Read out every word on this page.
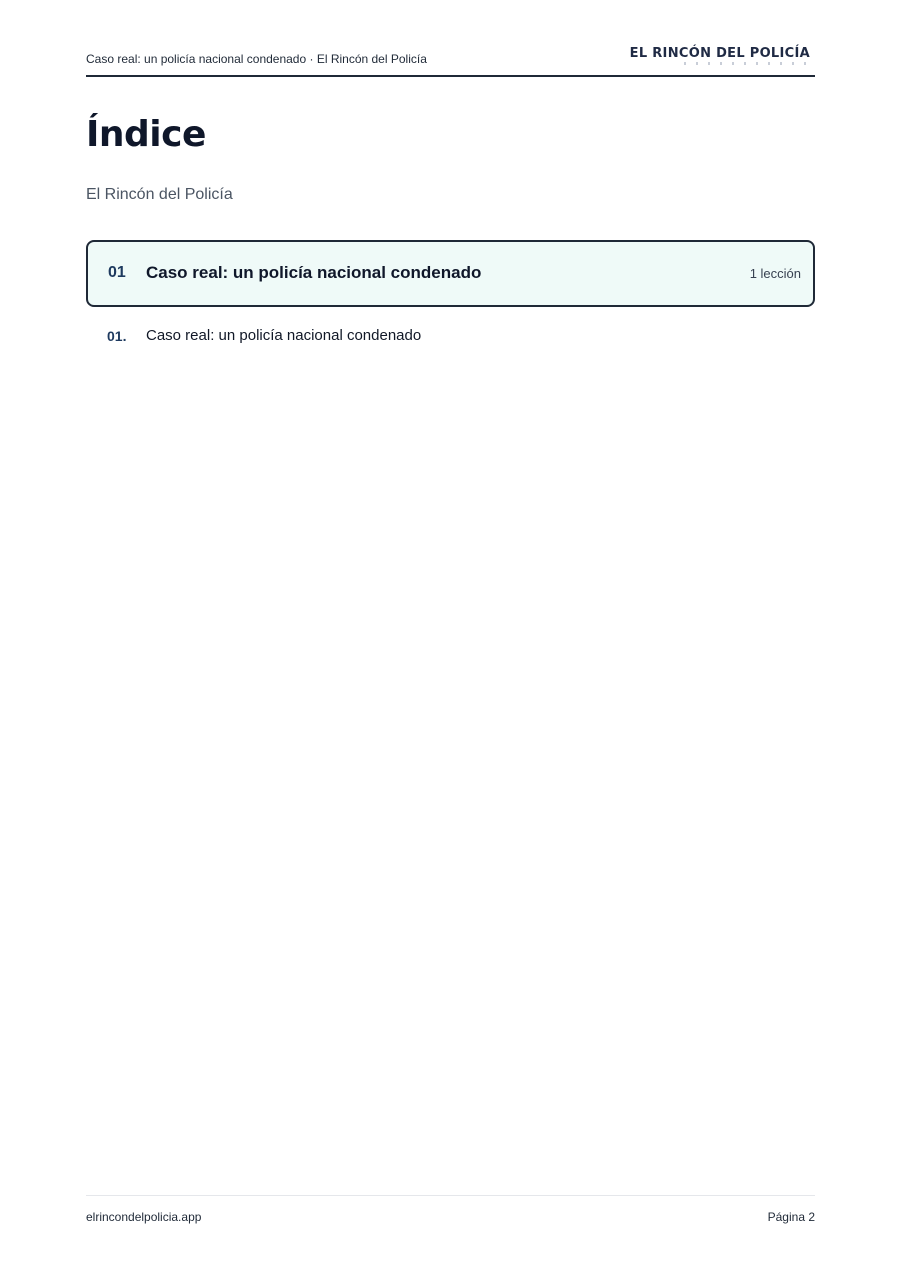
Caso real: un policía nacional condenado · El Rincón del Policía	EL RINCÓN DEL POLICÍA
Índice
El Rincón del Policía
01 Caso real: un policía nacional condenado	1 lección
01. Caso real: un policía nacional condenado
elrincondelpolicia.app	Página 2
